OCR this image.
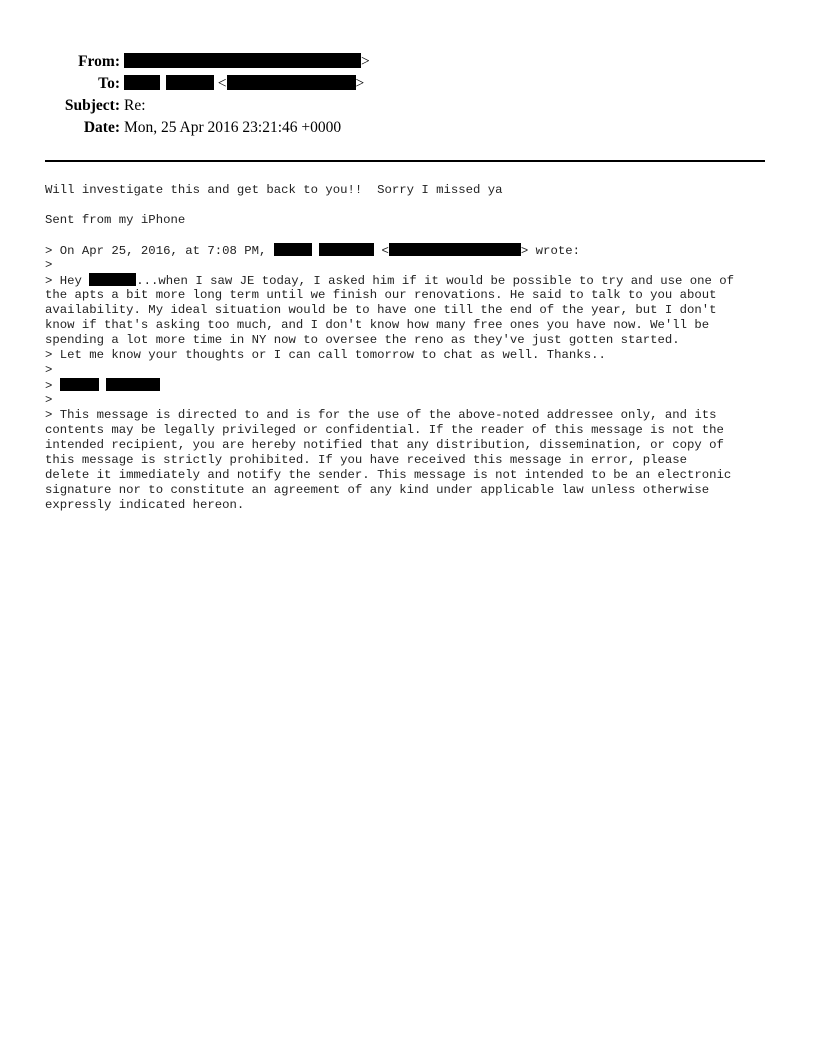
From:	>
To:	<	>
Subject: Re:
Date: Mon, 25 Apr 2016 23:21:46 +0000
Will investigate this and get back to you!!  Sorry I missed ya
Sent from my iPhone
> On Apr 25, 2016, at 7:08 PM,	<	> wrote:
>
> Hey	...when I saw JE today, I asked him if it would be possible to try and use one of
the apts a bit more long term until we finish our renovations. He said to talk to you about
availability. My ideal situation would be to have one till the end of the year, but I don't
know if that's asking too much, and I don't know how many free ones you have now. We'll be
spending a lot more time in NY now to oversee the reno as they've just gotten started.
> Let me know your thoughts or I can call tomorrow to chat as well. Thanks..
>
>
>
> This message is directed to and is for the use of the above-noted addressee only, and its
contents may be legally privileged or confidential. If the reader of this message is not the
intended recipient, you are hereby notified that any distribution, dissemination, or copy of
this message is strictly prohibited. If you have received this message in error, please
delete it immediately and notify the sender. This message is not intended to be an electronic
signature nor to constitute an agreement of any kind under applicable law unless otherwise
expressly indicated hereon.
